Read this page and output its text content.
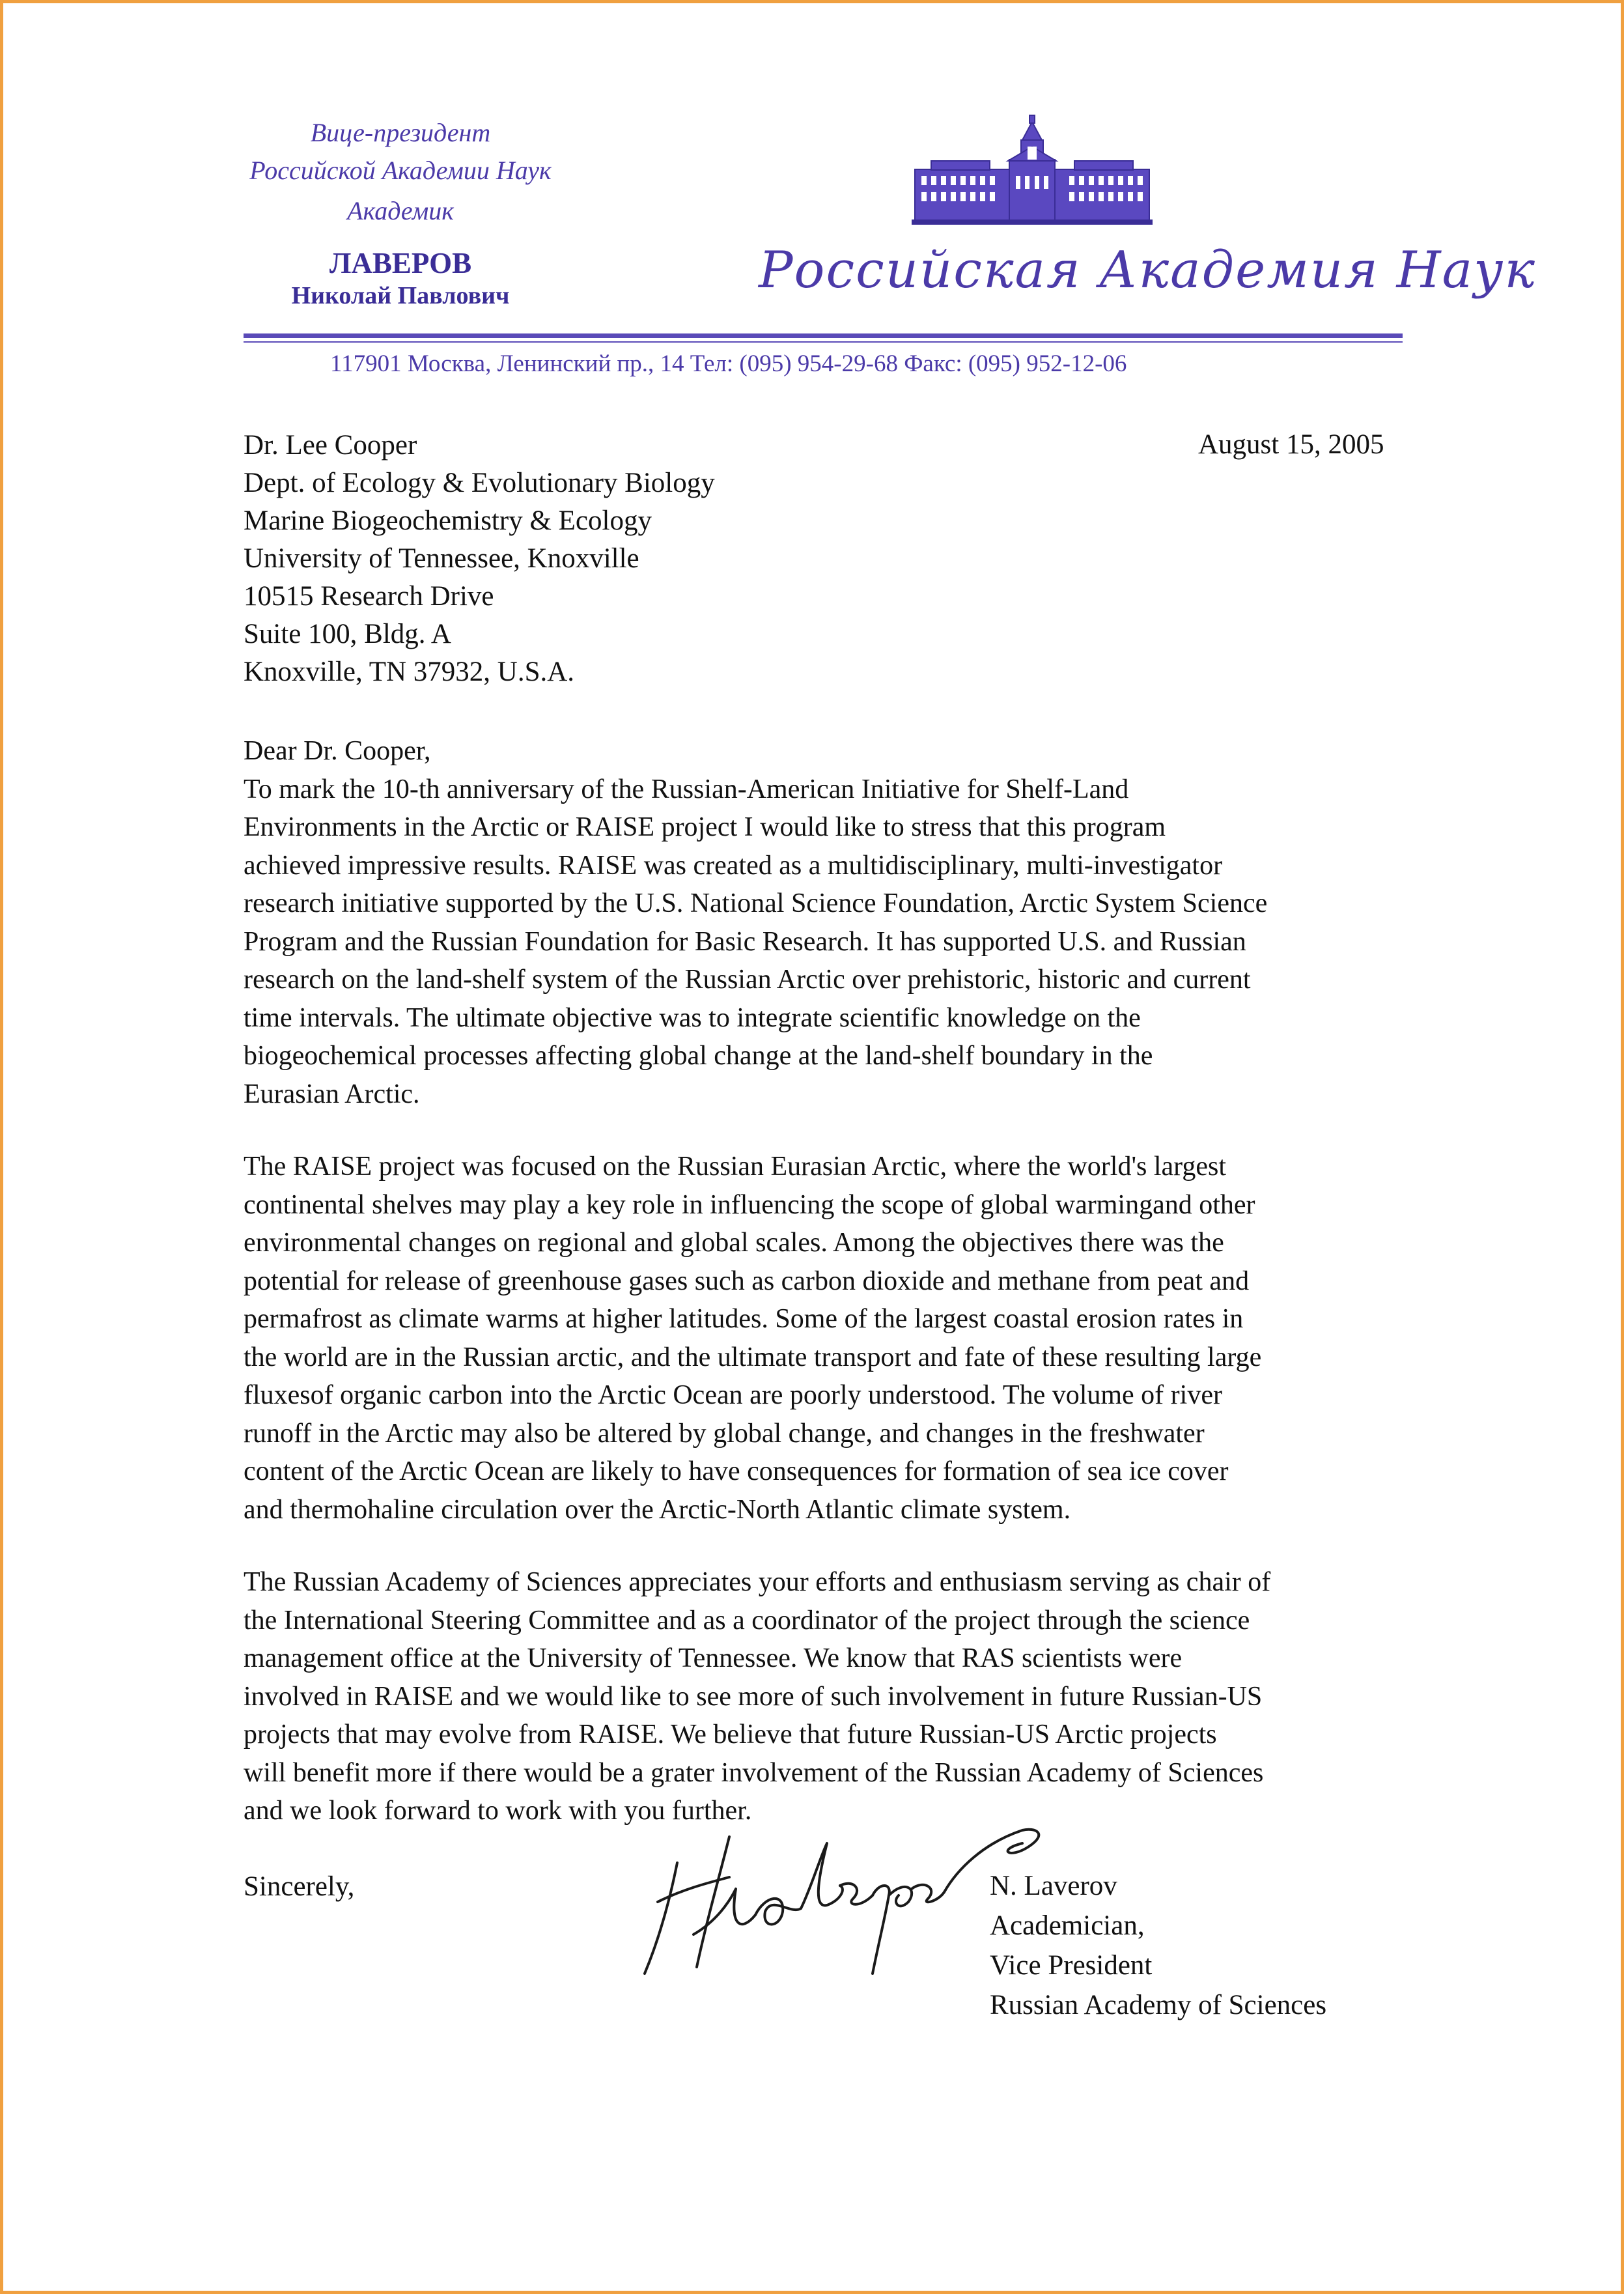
Вице-президент
Российской Академии Наук
Академик
ЛАВЕРОВ
Николай Павлович	Российская Академия Наук
117901 Москва, Ленинский пр., 14 Тел: (095) 954-29-68 Факс: (095) 952-12-06
August 15, 2005
Dr. Lee Cooper
Dept. of Ecology & Evolutionary Biology
Marine Biogeochemistry & Ecology
University of Tennessee, Knoxville
10515 Research Drive
Suite 100, Bldg. A
Knoxville, TN 37932, U.S.A.
Dear Dr. Cooper,
To mark the 10-th anniversary of the Russian-American Initiative for Shelf-Land
Environments in the Arctic or RAISE project I would like to stress that this program
achieved impressive results. RAISE was created as a multidisciplinary, multi-investigator
research initiative supported by the U.S. National Science Foundation, Arctic System Science
Program and the Russian Foundation for Basic Research. It has supported U.S. and Russian
research on the land-shelf system of the Russian Arctic over prehistoric, historic and current
time intervals. The ultimate objective was to integrate scientific knowledge on the
biogeochemical processes affecting global change at the land-shelf boundary in the
Eurasian Arctic.
The RAISE project was focused on the Russian Eurasian Arctic, where the world's largest
continental shelves may play a key role in influencing the scope of global warmingand other
environmental changes on regional and global scales. Among the objectives there was the
potential for release of greenhouse gases such as carbon dioxide and methane from peat and
permafrost as climate warms at higher latitudes. Some of the largest coastal erosion rates in
the world are in the Russian arctic, and the ultimate transport and fate of these resulting large
fluxesof organic carbon into the Arctic Ocean are poorly understood. The volume of river
runoff in the Arctic may also be altered by global change, and changes in the freshwater
content of the Arctic Ocean are likely to have consequences for formation of sea ice cover
and thermohaline circulation over the Arctic-North Atlantic climate system.
The Russian Academy of Sciences appreciates your efforts and enthusiasm serving as chair of
the International Steering Committee and as a coordinator of the project through the science
management office at the University of Tennessee. We know that RAS scientists were
involved in RAISE and we would like to see more of such involvement in future Russian-US
projects that may evolve from RAISE. We believe that future Russian-US Arctic projects
will benefit more if there would be a grater involvement of the Russian Academy of Sciences
and we look forward to work with you further.
Sincerely,	N. Laverov
Academician,
Vice President
Russian Academy of Sciences
